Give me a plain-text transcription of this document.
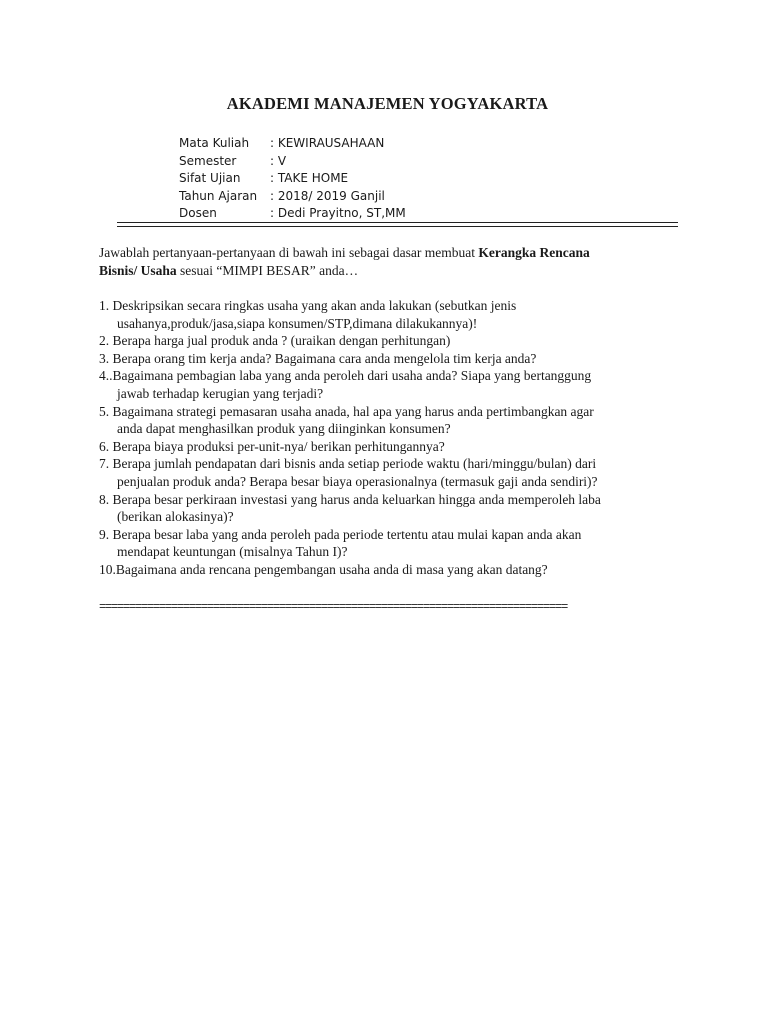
AKADEMI MANAJEMEN YOGYAKARTA
Mata Kuliah	: KEWIRAUSAHAAN
Semester	: V
Sifat Ujian	: TAKE HOME
Tahun Ajaran	: 2018/ 2019 Ganjil
Dosen	: Dedi Prayitno, ST,MM
Jawablah pertanyaan-pertanyaan di bawah ini sebagai dasar membuat Kerangka Rencana
Bisnis/ Usaha sesuai “MIMPI BESAR” anda…
1. Deskripsikan secara ringkas usaha yang akan anda lakukan (sebutkan jenis
usahanya,produk/jasa,siapa konsumen/STP,dimana dilakukannya)!
2. Berapa harga jual produk anda ? (uraikan dengan perhitungan)
3. Berapa orang tim kerja anda? Bagaimana cara anda mengelola tim kerja anda?
4..Bagaimana pembagian laba yang anda peroleh dari usaha anda? Siapa yang bertanggung
jawab terhadap kerugian yang terjadi?
5. Bagaimana strategi pemasaran usaha anada, hal apa yang harus anda pertimbangkan agar
anda dapat menghasilkan produk yang diinginkan konsumen?
6. Berapa biaya produksi per-unit-nya/ berikan perhitungannya?
7. Berapa jumlah pendapatan dari bisnis anda setiap periode waktu (hari/minggu/bulan) dari
penjualan produk anda? Berapa besar biaya operasionalnya (termasuk gaji anda sendiri)?
8. Berapa besar perkiraan investasi yang harus anda keluarkan hingga anda memperoleh laba
(berikan alokasinya)?
9. Berapa besar laba yang anda peroleh pada periode tertentu atau mulai kapan anda akan
mendapat keuntungan (misalnya Tahun I)?
10.Bagaimana anda rencana pengembangan usaha anda di masa yang akan datang?
==============================================================================
